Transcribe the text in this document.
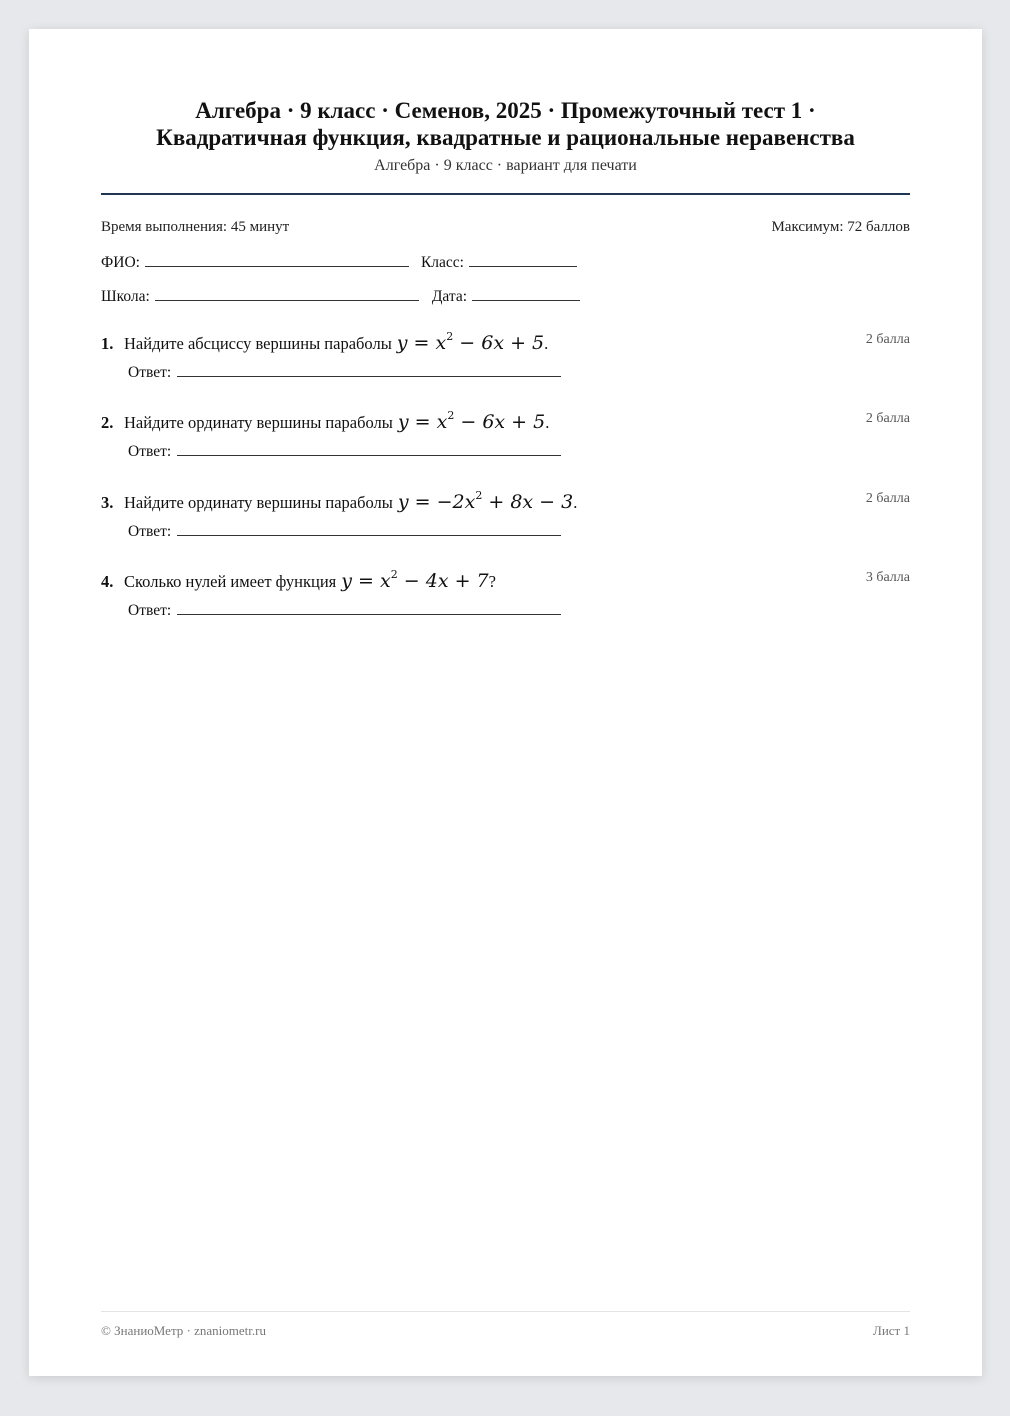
Алгебра · 9 класс · Семенов, 2025 · Промежуточный тест 1 ·
Квадратичная функция, квадратные и рациональные неравенства
Алгебра · 9 класс · вариант для печати
Время выполнения: 45 минут	Максимум: 72 баллов
ФИО:	Класс:
Школа:	Дата:
1. Найдите абсциссу вершины параболы $y = x^2 - 6x + 5$ .	2 балла
Ответ:
2. Найдите ординату вершины параболы $y = x^2 - 6x + 5$ .	2 балла
Ответ:
3. Найдите ординату вершины параболы $y = -2x^2 + 8x - 3$ .	2 балла
Ответ:
4. Сколько нулей имеет функция $y = x^2 - 4x + 7$ ?	3 балла
Ответ:
© ЗнаниоМетр · znaniometr.ru	Лист 1
